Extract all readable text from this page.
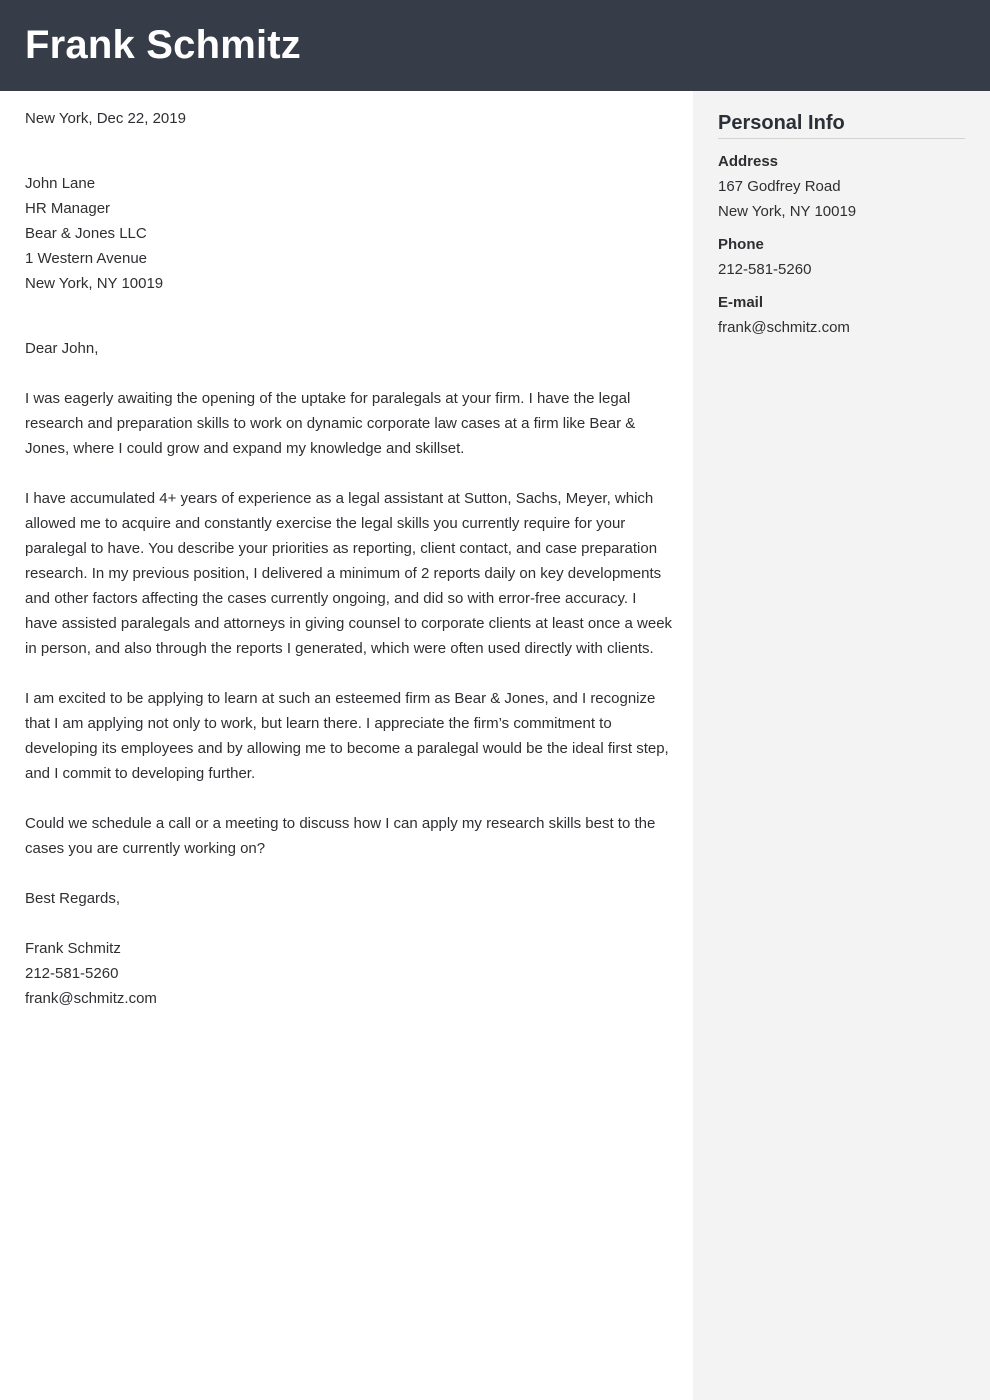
Frank Schmitz

New York, Dec 22, 2019

John Lane
HR Manager
Bear & Jones LLC
1 Western Avenue
New York, NY 10019

Dear John,

I was eagerly awaiting the opening of the uptake for paralegals at your firm. I have the legal research and preparation skills to work on dynamic corporate law cases at a firm like Bear & Jones, where I could grow and expand my knowledge and skillset.

I have accumulated 4+ years of experience as a legal assistant at Sutton, Sachs, Meyer, which allowed me to acquire and constantly exercise the legal skills you currently require for your paralegal to have. You describe your priorities as reporting, client contact, and case preparation research. In my previous position, I delivered a minimum of 2 reports daily on key developments and other factors affecting the cases currently ongoing, and did so with error-free accuracy. I have assisted paralegals and attorneys in giving counsel to corporate clients at least once a week in person, and also through the reports I generated, which were often used directly with clients.

I am excited to be applying to learn at such an esteemed firm as Bear & Jones, and I recognize that I am applying not only to work, but learn there. I appreciate the firm’s commitment to developing its employees and by allowing me to become a paralegal would be the ideal first step, and I commit to developing further.

Could we schedule a call or a meeting to discuss how I can apply my research skills best to the cases you are currently working on?

Best Regards,

Frank Schmitz
212-581-5260
frank@schmitz.com
Personal Info
Address
167 Godfrey Road
New York, NY 10019
Phone
212-581-5260
E-mail
frank@schmitz.com
